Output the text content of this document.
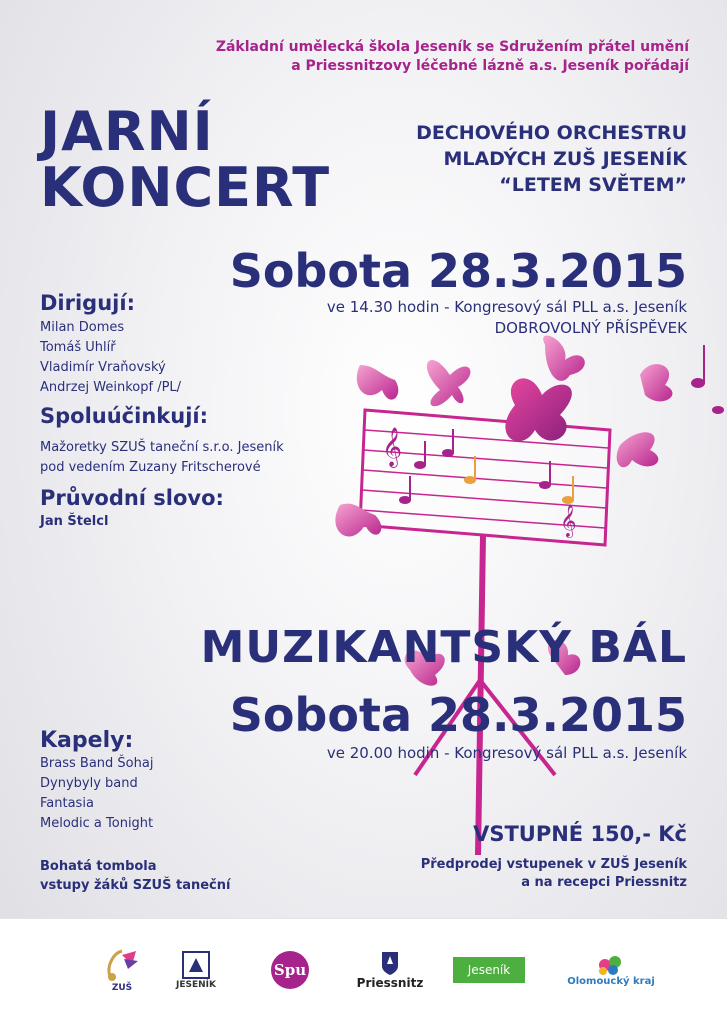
Základní umělecká škola Jeseník se Sdružením přátel umění
a Priessnitzovy léčebné lázně a.s. Jeseník pořádají
JARNÍ
KONCERT
DECHOVÉHO ORCHESTRU
MLADÝCH ZUŠ JESENÍK
“LETEM SVĚTEM”
Sobota 28.3.2015
ve 14.30 hodin - Kongresový sál PLL a.s. Jeseník
DOBROVOLNÝ PŘÍSPĚVEK
Dirigují:
Milan Domes
Tomáš Uhlíř
Vladimír Vraňovský
Andrzej Weinkopf /PL/
Spoluúčinkují:
Mažoretky SZUŠ taneční s.r.o. Jeseník
pod vedením Zuzany Fritscherové
Průvodní slovo:
Jan Štelcl
𝄞
𝄞
MUZIKANTSKÝ BÁL
Sobota 28.3.2015
ve 20.00 hodin - Kongresový sál PLL a.s. Jeseník
Kapely:
Brass Band Šohaj
Dynybyly band
Fantasia
Melodic a Tonight
Bohatá tombola
vstupy žáků SZUŠ taneční
VSTUPNÉ 150,- Kč
Předprodej vstupenek v ZUŠ Jeseník
a na recepci Priessnitz
ZUŠ	JESENÍK
Spu
Priessnitz
Jeseník
Olomoucký kraj
